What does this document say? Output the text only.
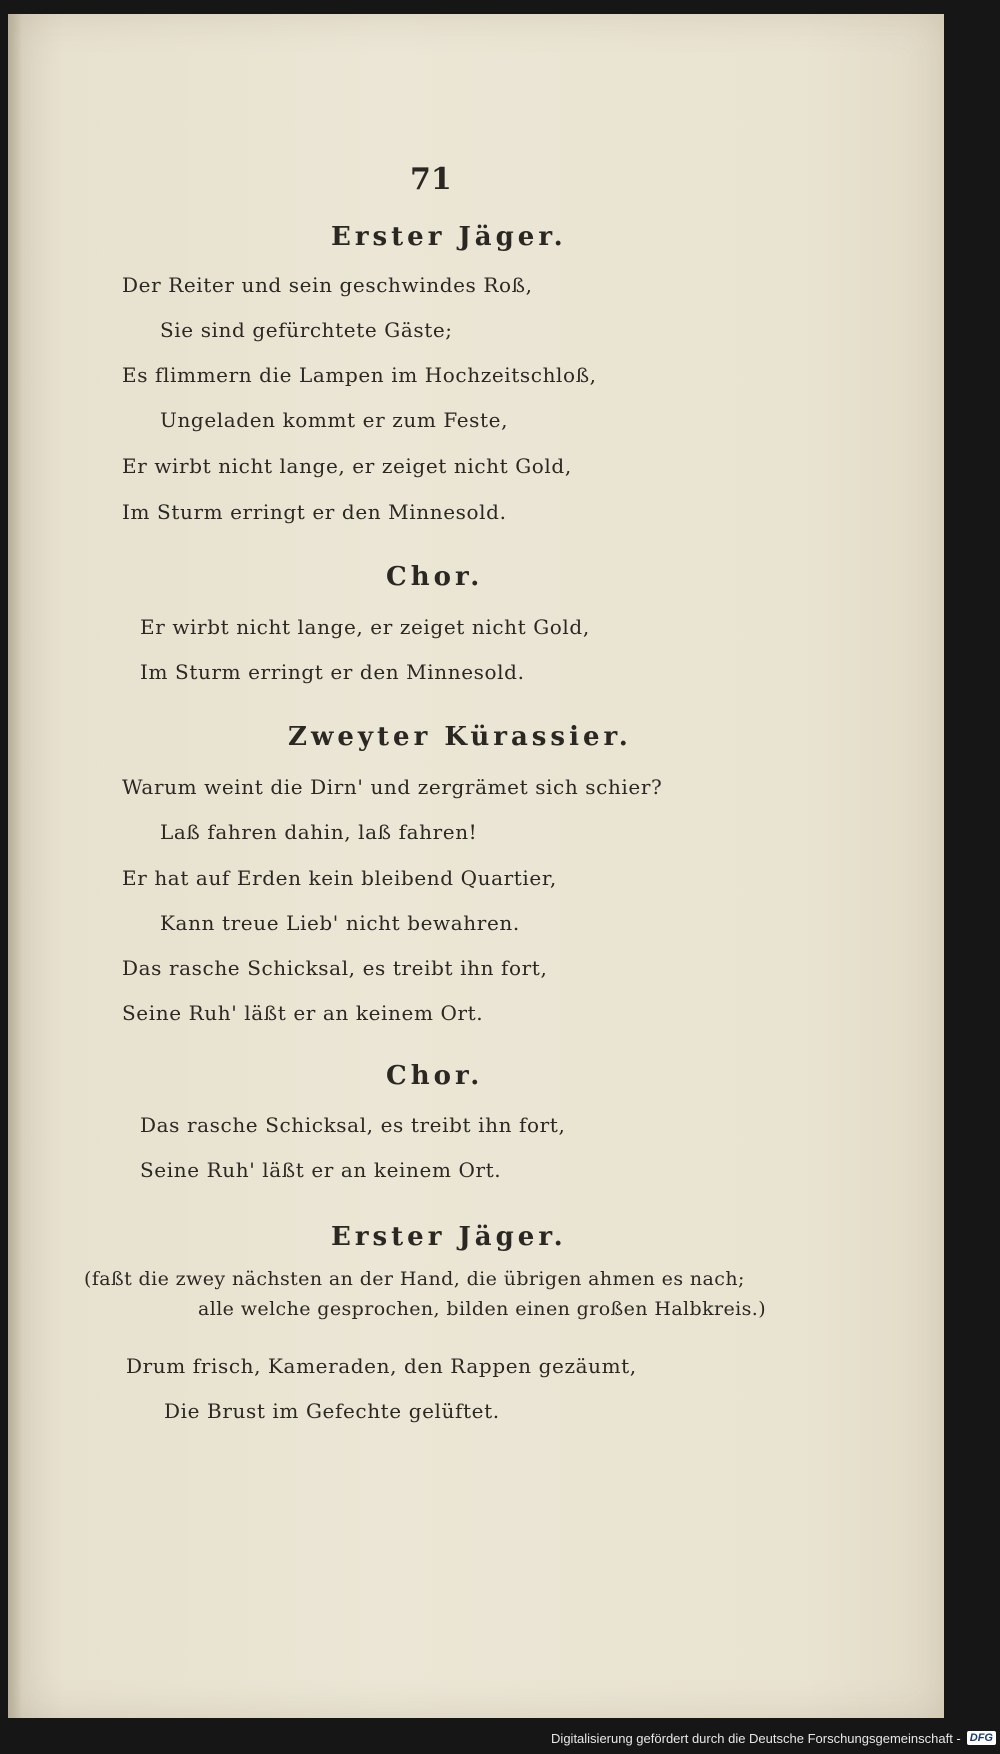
71
Erster Jäger.
Der Reiter und sein geschwindes Roß,
Sie sind gefürchtete Gäste;
Es flimmern die Lampen im Hochzeitschloß,
Ungeladen kommt er zum Feste,
Er wirbt nicht lange, er zeiget nicht Gold,
Im Sturm erringt er den Minnesold.
Chor.
Er wirbt nicht lange, er zeiget nicht Gold,
Im Sturm erringt er den Minnesold.
Zweyter Kürassier.
Warum weint die Dirn' und zergrämet sich schier?
Laß fahren dahin, laß fahren!
Er hat auf Erden kein bleibend Quartier,
Kann treue Lieb' nicht bewahren.
Das rasche Schicksal, es treibt ihn fort,
Seine Ruh' läßt er an keinem Ort.
Chor.
Das rasche Schicksal, es treibt ihn fort,
Seine Ruh' läßt er an keinem Ort.
Erster Jäger.
(faßt die zwey nächsten an der Hand, die übrigen ahmen es nach;
alle welche gesprochen, bilden einen großen Halbkreis.)
Drum frisch, Kameraden, den Rappen gezäumt,
Die Brust im Gefechte gelüftet.
Digitalisierung gefördert durch die Deutsche Forschungsgemeinschaft - DFG
